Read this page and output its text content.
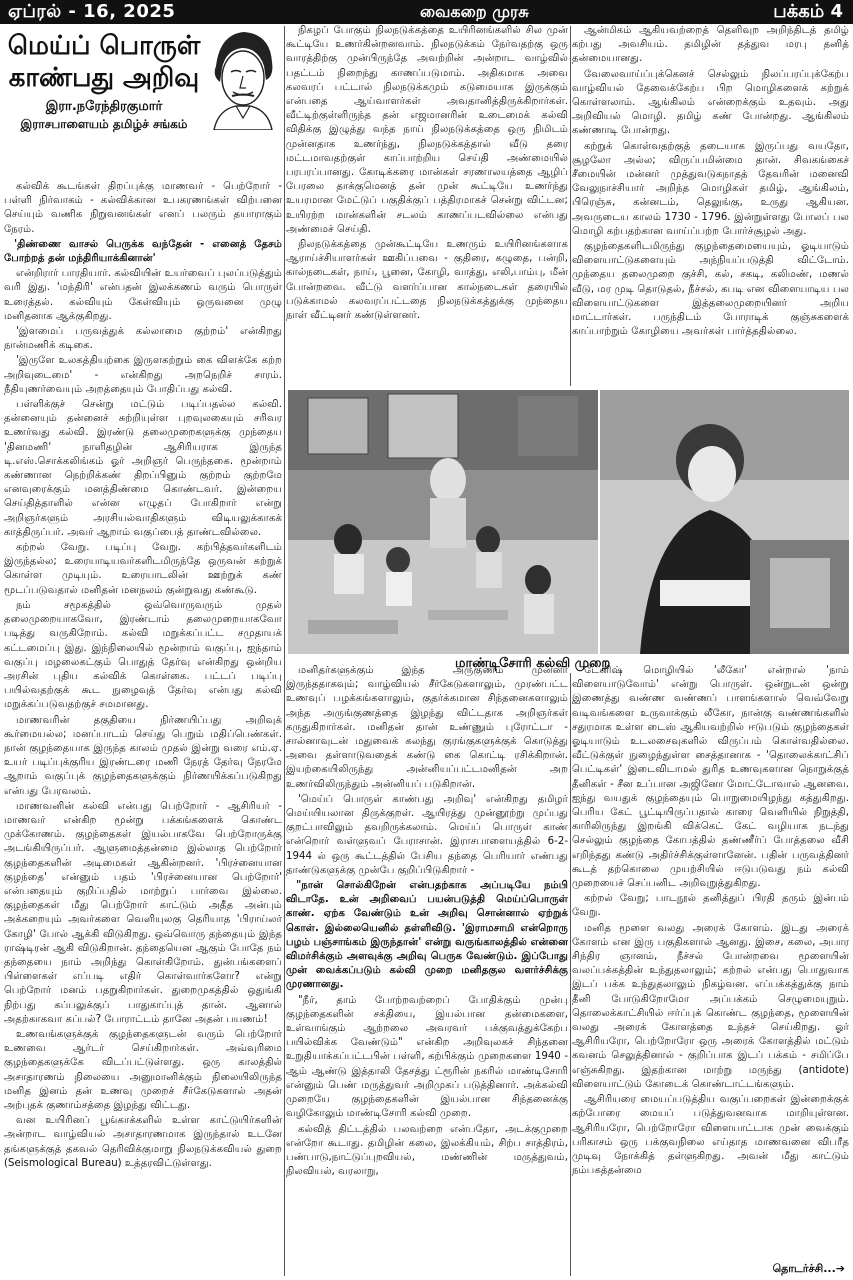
ஏப்ரல் - 16, 2025	வைகறை முரசு	பக்கம் 4
மெய்ப் பொருள்
காண்பது அறிவு
இரா.நரேந்திரகுமார்
இராசபாளையம் தமிழ்ச் சங்கம்

கல்விக் கூடங்கள் திறப்புக்கு மாணவர் - பெற்றோர் - பள்ளி நிர்வாகம் - கல்விக்கான உபகரணங்கள் விற்பனை செய்யும் வணிக நிறுவனங்கள் எனப் பலரும் தயாராகும் நேரம்.

'திண்ணை வாசல் பெருக்க வந்தேன் - எனைத் தேசம் போற்றத் தன் மந்திரியாக்கினான்'

என்றிரார் பாரதியார். கல்வியின் உயர்வைப் புலப்படுத்தும் வரி இது. 'மந்திரி' என்பதன் இலக்கணம் வரும் பொருள் உரைத்தல். கல்வியும் கேள்வியும் ஒருவனை முழு மனிதனாக ஆக்குகிறது.

'இளமைப் பருவத்துக் கல்லாமை குற்றம்' என்கிறது நான்மணிக் கடிகை.

'இருளே உலகத்தியற்கை இருளகற்றும் கை விளக்கே கற்ற அறிவுடைமை' - என்கிறது அறநெறிச் சாரம். நீதியுணர்வையும் அறத்தையும் போதிப்பது கல்வி.

பள்ளிக்குச் சென்று மட்டும் படிப்பதல்ல கல்வி. தன்னையும் தன்னைச் சுற்றியுள்ள புறவுலகையும் சரிவர உணர்வது கல்வி. இரண்டு தலைமுறைகளுக்கு முந்தைய 'தினமணி' நாளிதழின் ஆசிரியராக இருந்த டி.எஸ்.சொக்கலிங்கம் ஓர் அறிஞர் பெருந்தகை. மூன்றாம் கண்ணான நெற்றிக்கண் திறப்பினும் குற்றம் குற்றமே எனவுரைக்கும் மனத்திண்மை கொண்டவர். இன்றைய செய்தித்தாளில் என்ன எழுதப் போகிறார் என்று அறிஞர்களும் அரசியல்வாதிகளும் விடியலுக்காகக் காத்திருப்பர். அவர் ஆறாம் வகுப்பைத் தாண்டவில்லை.

கற்றல் வேறு. படிப்பு வேறு. கற்பித்தவர்களிடம் இருந்தல்ல; உரையாடியவர்களிடமிருந்தே ஒருவன் கற்றுக் கொள்ள முடியும். உரையாடலின் ஊற்றுக் கண் மூடப்படுவதால் மனிதன் மனநலம் குன்றுவது கண்கூடு.

நம் சமூகத்தில் ஒவ்வொருவரும் முதல் தலைமுறையாகவோ, இரண்டாம் தலைமுறையாகவோ படித்து வருகிறோம். கல்வி மறுக்கப்பட்ட சமுதாயக் கட்டமைப்பு இது. இந்நிலையில் மூன்றாம் வகுப்பு, ஐந்தாம் வகுப்பு மழலைகட்கும் பொதுத் தேர்வு என்கிறது ஒன்றிய அரசின் புதிய கல்விக் கொள்கை. பட்டப் படிப்பு பயில்வதற்குக் கூட நுழைவுத் தேர்வு என்பது கல்வி மறுக்கப்படுவதற்குச் சமமானது.

மாணவரின் தகுதியை நிர்ணயிப்பது அறிவுக் கூர்மையல்ல; மனப்பாடம் செய்து பெறும் மதிப்பெண்கள். நான் குழந்தையாக இருந்த காலம் முதல் இன்று வரை எம்.ஏ. உயர் படிப்புக்குரிய இரண்டரை மணி நேரத் தேர்வு நேரமே ஆறாம் வகுப்புக் குழந்தைகளுக்கும் நிர்ணயிக்கப்படுகிறது என்பது பேரவலம்.

மாணவனின் கல்வி என்பது பெற்றோர் - ஆசிரியர் - மாணவர் என்கிற மூன்று பக்கங்களைக் கொண்ட முக்கோணம். குழந்தைகள் இயல்பாகவே பெற்றோருக்கு அடங்கியிருப்பர். ஆளுமைத்தன்மை இல்லாத பெற்றோர் குழந்தைகளின் அடிமைகள் ஆகின்றனர். 'பிரச்னையான குழந்தை' என்னும் பதம் 'பிரச்னையான பெற்றோர்' என்பதையும் குறிப்பதில் மாற்றுப் பார்வை இல்லை. குழந்தைகள் மீது பெற்றோர் காட்டும் அதீத அன்பும் அக்கறையும் அவர்களை வெளியுலகு தெரியாத 'பிராய்லர் கோழி' போல் ஆக்கி விடுகிறது. ஒவ்வொரு தந்தையும் இந்த ராஷ்டிரன் ஆகி விடுகிறான். தந்தையென ஆகும் போதே நம் தந்தையை நாம் அறிந்து கொள்கிறோம். துன்பங்களைப் பிள்ளைகள் எப்படி எதிர் கொள்வார்களோ? என்று பெற்றோர் மனம் பதறுகிறார்கள். துறைமுகத்தில் ஒதுங்கி நிற்பது கப்பலுக்குப் பாதுகாப்புத் தான். ஆனால் அதற்காகவா கப்பல்? போராட்டம் தானே அதன் பயணம்!

உணவங்களுக்குக் குழந்தைகளுடன் வரும் பெற்றோர் உணவை ஆர்டர் செய்கிறார்கள். அவ்வுரிமை குழந்தைகளுக்கே விடப்பட்டுள்ளது. ஒரு காலத்தில் அசாதாரணம் நிலையை அனுமானிக்கும் நிலையிலிருந்த மனித இனம் தன் உணவு முறைச் சீர்கேடுகளால் அதன் அற்புதக் குணாம்சத்தை இழந்து விட்டது.

வன உயிரினப் பூங்காக்களில் உள்ள காட்டுயிர்களின் அன்றாட வாழ்வியல் அசாதாரணமாக இருந்தால் உடனே தங்களுக்குத் தகவல் தெரிவிக்குமாறு நிலநடுக்கவியல் துறை (Seismological Bureau) உத்தரவிட்டுள்ளது.

நிகழப் போகும் நிலநடுக்கத்தை உயிரினங்களில் சில முன் கூட்டியே உணர்கின்றனவாம். நிலநடுக்கம் நேர்வதற்கு ஒரு வாரத்திற்கு முன்பிருந்தே அவற்றின் அன்றாட வாழ்வில் பதட்டம் நிறைந்து காணப்படுமாம். அதிகமாக அவை கலவரப் பட்டால் நிலநடுக்கமும் கடுமையாக இருக்கும் என்பதை ஆய்வாளர்கள் அவதானித்திருக்கிறார்கள். வீட்டிற்குள்ளிருந்த தன் எஜமானரின் உடைமைக் கல்வி விதிக்கு இழுத்து வந்த நாய் நிலநடுக்கத்தை ஒரு நிமிடம் முன்னதாக உணர்ந்து, நிலநடுக்கத்தால் வீடு தரை மட்டமாவதற்குள் காப்பாற்றிய செய்தி அண்மையில் பரபரப்பானது. கோடிக்கரை மான்கள் சரணாலயத்தை ஆழிப் பேரலை தாக்குமெனத் தன் முன் கூட்டியே உணர்ந்து உயரமான மேட்டுப் பகுதிக்குப் பத்திரமாகச் சென்று விட்டன; உயிரற்ற மான்களின் சடலம் காணப்படவில்லை என்பது அண்மைச் செய்தி.

நிலநடுக்கத்தை முன்கூட்டியே உணரும் உயிரினங்களாக ஆராய்ச்சியாளர்கள் ஊகிப்பவை - குதிரை, கழுதை, பன்றி, கால்நடைகள், நாய், பூனை, கோழி, வாத்து, எலி,பாம்பு, மீன் போன்றவை. வீட்டு வளர்ப்பான கால்நடைகள் தரையில் படுக்காமல் கலவரப்பட்டதை நிலநடுக்கத்துக்கு முந்தைய நாள் வீட்டினர் கண்டுள்ளனர்.

ஆன்மிகம் ஆகியவற்றைத் தெளிவுற அறிந்திடத் தமிழ் கற்பது அவசியம். தமிழின் தத்துவ மரபு தனித் தன்மையானது.

வேலைவாய்ப்புக்கெனச் செல்லும் நிலப்பரப்புக்கேற்ப வாழ்வியல் தேவைக்கேற்ப பிற மொழிகளைக் கற்றுக் கொள்ளலாம். ஆங்கிலம் என்றைக்கும் உதவும். அது அறிவியல் மொழி. தமிழ் கண் போன்றது. ஆங்கிலம் கண்ணாடி போன்றது.

கற்றுக் கொள்வதற்குத் தடையாக இருப்பது வயதோ, சூழலோ அல்ல; விருப்பமின்மை தான். சிவகங்கைச் சீமையின் மன்னர் முத்துவடுகநாதத் தேவரின் மனைவி வேலுநாச்சியார் அறிந்த மொழிகள் தமிழ், ஆங்கிலம், பிரெஞ்சு, கன்னடம், தெலுங்கு, உருது ஆகியன. அவருடைய காலம் 1730 - 1796. இன்றுள்ளது போலப் பல மொழி கற்பதற்கான வாய்ப்பற்ற போர்ச்சூழல் அது.

குழந்தைகளிடமிருந்து குழந்தைமையையும், ஓடியாடும் விளையாட்டுகளையும் அந்நியப்படுத்தி விட்டோம். முந்தைய தலைமுறை குச்சி, கல், சகடி, கலிமண், மணல் வீடு, மர முடி தொடுதல், நீச்சல், கபடி என விளையாடிய பல விளையாட்டுகளை இத்தலைமுறையினர் அறிய மாட்டார்கள். பருந்திடம் போராடிக் குஞ்சுகளைக் காப்பாற்றும் கோழியை அவர்கள் பார்த்ததில்லை.

மாண்டிசோரி கல்வி முறை

மனிதர்களுக்கும் இந்த அருகுணம் முன்னர் இருந்ததாகவும்; வாழ்வியல் சீர்கேடுகளாலும், முரண்பட்ட உணவுப் பழக்கங்களாலும், குதர்க்கமான சிந்தனைகளாலும் அந்த அருங்குணத்தை இழந்து விட்டதாக அறிஞர்கள் கருதுகிறார்கள். மனிதன் தான் உண்ணும் புரோட்டா - சால்னாவுடன் மதுவைக் கலந்து குரங்குகளுக்குக் கொடுத்து அவை தள்ளாடுவதைக் கண்டு கை கொட்டி ரசிக்கிறான். இயற்கையிலிருந்து அன்னியப்பட்டமனிதன் அற உணர்விலிருந்தும் அன்னியப் படுகிறான்.

'மெய்ப் பொருள் காண்பது அறிவு' என்கிறது தமிழர் மெய்யியலான திருக்குறள். ஆயிரத்து முன்னூற்று முப்பது குறட்பாவிலும் தவறிருக்கலாம். மெய்ப் பொருள் காண் என்றொர் வள்ளுவப் பேராசான். இராசபாளையத்தில் 6-2-1944 ல் ஒரு கூட்டத்தில் பேசிய தந்தை பெரியார் எண்பது தாண்டுகளுக்கு முன்பே குறிப்பிடுகிறார் -

"நான் சொல்கிறேன் என்பதற்காக அப்படியே நம்பி விடாதே. உன் அறிவைப் பயன்படுத்தி மெய்ப்பொருள் காண். ஏற்க வேண்டும் உன் அறிவு சொன்னால் ஏற்றுக் கொள். இல்லையெனில் தள்ளிவிடு. 'இராமசாமி என்றொரு பழம் பஞ்சாங்கம் இருந்தான்' என்று வருங்காலத்தில் என்னை விமர்சிக்கும் அளவுக்கு அறிவு பெருக வேண்டும். இப்போது முன் வைக்கப்படும் கல்வி முறை மனிதகுல வளர்ச்சிக்கு முரணானது.

"நீர், தாம் போற்றவற்றைப் போதிக்கும் முன்பு குழந்தைகளின் சக்தியை, இயல்பான தன்மைகளை, உள்வாங்கும் ஆற்றலை அவரவர் பக்குவத்துக்கேற்ப பயில்விக்க வேண்டும்" என்கிற அறிவுலகச் சிந்தனை உறுதியாக்கப்பட்டபின் பள்ளி, கற்பிக்கும் முறைகளை 1940 - ஆம் ஆண்டு இத்தாலி தேசத்து ட்ரூரின் நகரில் மாண்டிசோரி என்னும் பெண் மருத்துவர் அறிமுகப் படுத்தினார். அக்கல்வி முறையே குழந்தைகளின் இயல்பான சிந்தனைக்கு வழிகோலும் மாண்டிசோரி கல்வி முறை.

கல்வித் திட்டத்தில் பலவற்றை என்பதோ, அடக்குமுறை என்றோ கூடாது. தமிழின் கலை, இலக்கியம், சிற்ப சாத்திரம், பண்பாடு,நாட்டுப்புறவியல், மண்ணின் மருத்துவம், நிலவியல், வரலாறு,

டேனிஷ் மொழியில் 'லீகோ' என்றால் 'நாம் விளையாடுவோம்' என்று பொருள். ஒன்றுடன் ஒன்று இணைத்து வண்ண வண்ணப் பாளங்களால் வெவ்வேறு வடிவங்களை உருவாக்கும் லீகோ, நான்கு வண்ணங்களில் சதுரமாக உள்ள டைஸ் ஆகியவற்றில் ஈடுபடும் குழந்தைகள் ஓடியாடும் உடலசைவுகளில் விருப்பம் கொள்வதில்லை. வீட்டுக்குள் நுழைந்துள்ள சைத்தானாக - 'தொலைக்காட்சிப் பெட்டிகள்' இடைவிடாமல் துரித உணவுகளான நொறுக்குத் தீனிகள் - சீன உப்பான அஜினோ மோட்டோவால் ஆனவை. ஐந்து வயதுக் குழந்தையும் பொறுமையிழந்து கத்துகிறது. பெரிய கேட் பூட்டியிருப்பதால் காரை வெளியில் நிறுத்தி, காரிலிருந்து இறங்கி விக்கெட் கேட் வழியாக நடந்து செல்லும் குழந்தை கோபத்தில் தண்ணீர்ப் போத்தலை வீசி எறிந்தது கண்டு அதிர்ச்சிக்குள்ளானேன். பதின் பருவத்தினர் கூடத் தற்கொலை முயற்சியில் ஈடுபடுவது நம் கல்வி முறையைச் செப்பனிட அறிவுறுத்துகிறது.

கற்றல் வேறு; பாடநூல் தனித்துப் பிரதி தரும் இன்பம் வேறு.

மனித மூளை வலது அரைக் கோளம். இடது அரைக் கோளம் என இரு பகுதிகளால் ஆனது. இசை, கலை, அபார சிந்திர ஞானம், நீச்சல் போன்றவை மூளையின் வலப்பக்கத்தின் உந்துதலாலும்; கற்றல் என்பது பொதுவாக இடப் பக்க உந்துதலாலும் நிகழ்வன. எப்பக்கத்துக்கு நாம் தீனி போடுகிறோமோ அப்பக்கம் செழுமையுறும். தொலைக்காட்சியில் ஈர்ப்புக் கொண்ட குழந்தை, மூளையின் வலது அரைக் கோளத்தை உந்தச் செய்கிறது. ஓர் ஆசிரியரோ, பெற்றோரோ ஒரு அரைக் கோளத்தில் மட்டும் கவனம் செலுத்தினால் - குறிப்பாக இடப் பக்கம் - சமிப்பே எஞ்சுகிறது. இதற்கான மாற்று மருந்து (antidote) விளையாட்டும் கோடைக் கொண்டாட்டங்களும்.

ஆசிரியரை மையப்படுத்திய வகுப்பறைகள் இன்றைக்குக் கற்போரை மையப் படுத்துவனவாக மாறியுள்ளன. ஆசிரியரோ, பெற்றோரோ விளையாட்டாக முன் வைக்கும் பரிகாசம் ஒரு பக்குவநிலை எய்தாத மாணவனை விபரீத முடிவு நோக்கித் தள்ளுகிறது. அவன் மீது காட்டும் நம்பகத்தன்மை

தொடர்ச்சி...➔
